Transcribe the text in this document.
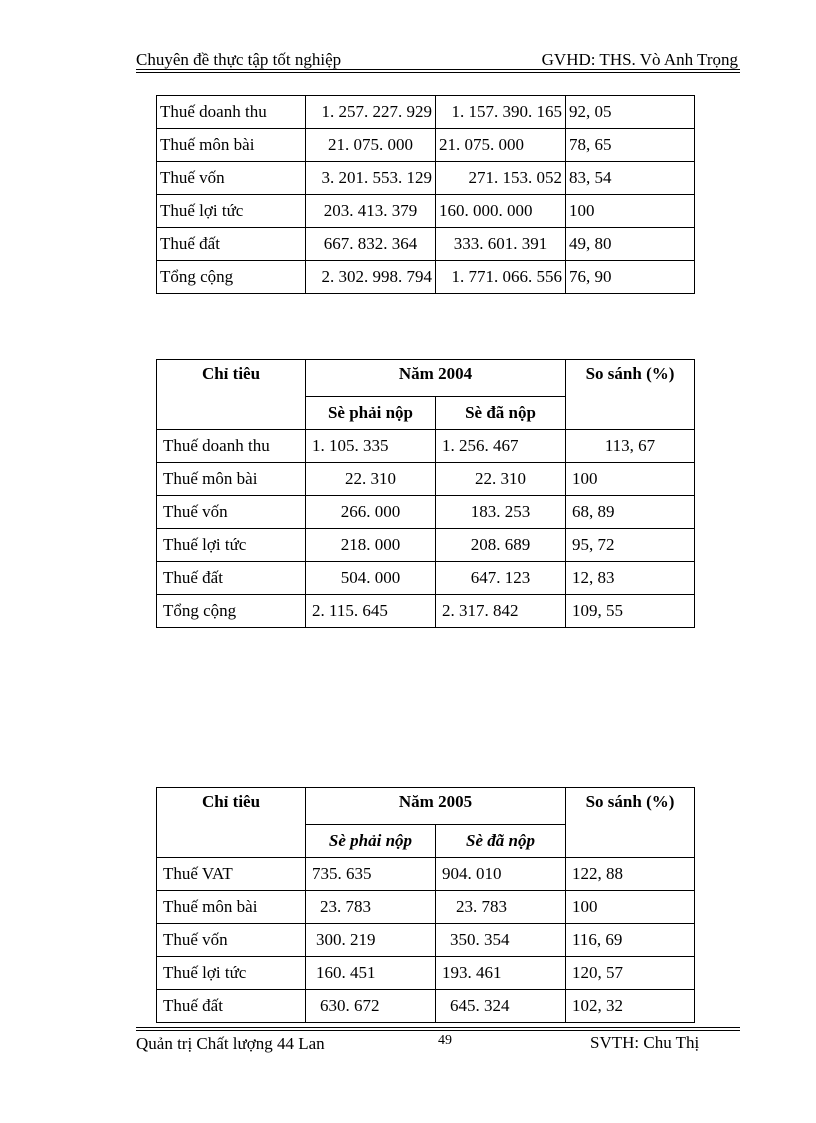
Chuyên đề thực tập tốt nghiệp	GVHD: THS. Vò Anh Trọng
Thuế doanh thu	1. 257. 227. 929	1. 157. 390. 165	92, 05
Thuế môn bài	21. 075. 000	21. 075. 000	78, 65
Thuế vốn	3. 201. 553. 129	271. 153. 052	83, 54
Thuế lợi tức	203. 413. 379	160. 000. 000	100
Thuế đất	667. 832. 364	333. 601. 391	49, 80
Tổng cộng	2. 302. 998. 794	1. 771. 066. 556	76, 90
Chỉ tiêu	Năm 2004		So sánh (%)
	Sè phải nộp	Sè đã nộp	
Thuế doanh thu	1. 105. 335	1. 256. 467	113, 67
Thuế môn bài	22. 310	22. 310	100
Thuế vốn	266. 000	183. 253	68, 89
Thuế lợi tức	218. 000	208. 689	95, 72
Thuế đất	504. 000	647. 123	12, 83
Tổng cộng	2. 115. 645	2. 317. 842	109, 55
Chỉ tiêu	Năm 2005		So sánh (%)
	Sè phải nộp	Sè đã nộp	
Thuế VAT	735. 635	904. 010	122, 88
Thuế môn bài	23. 783	23. 783	100
Thuế vốn	300. 219	350. 354	116, 69
Thuế lợi tức	160. 451	193. 461	120, 57
Thuế đất	630. 672	645. 324	102, 32
Quản trị Chất lượng 44 Lan	49	SVTH: Chu Thị
